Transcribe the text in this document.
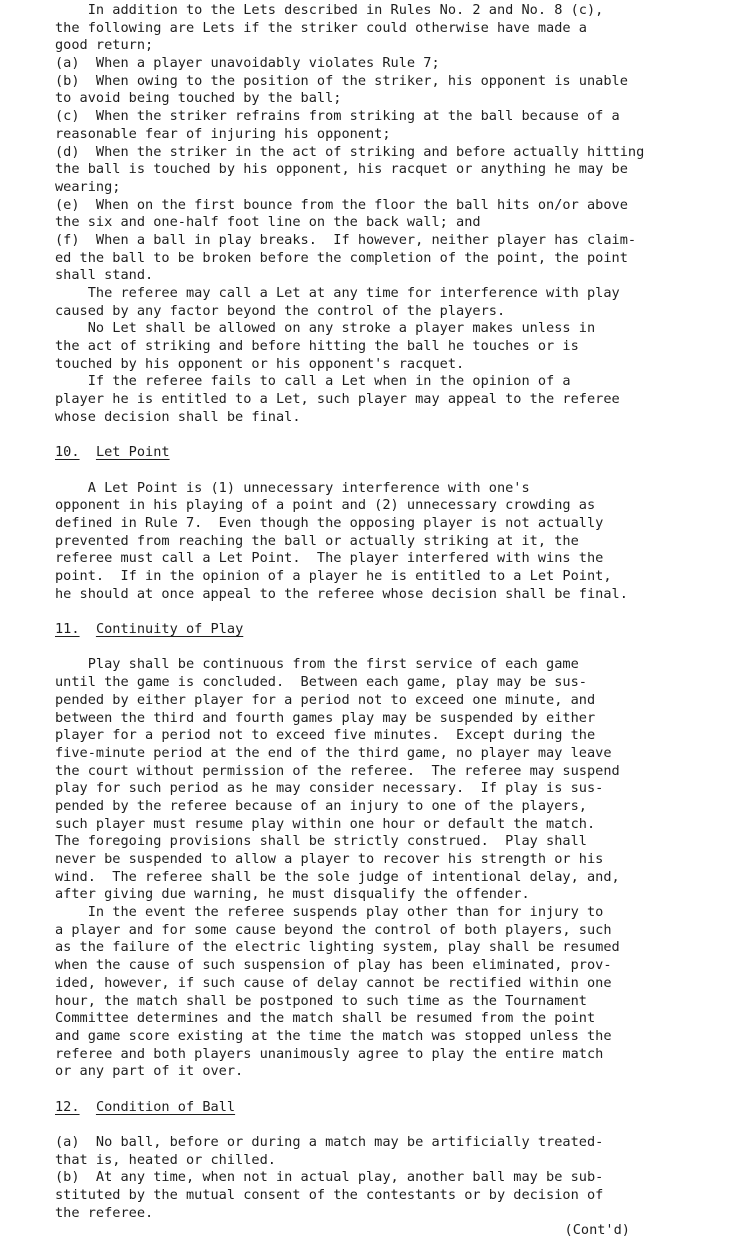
In addition to the Lets described in Rules No. 2 and No. 8 (c),
the following are Lets if the striker could otherwise have made a
good return;
(a)  When a player unavoidably violates Rule 7;
(b)  When owing to the position of the striker, his opponent is unable
to avoid being touched by the ball;
(c)  When the striker refrains from striking at the ball because of a
reasonable fear of injuring his opponent;
(d)  When the striker in the act of striking and before actually hitting
the ball is touched by his opponent, his racquet or anything he may be
wearing;
(e)  When on the first bounce from the floor the ball hits on/or above
the six and one-half foot line on the back wall; and
(f)  When a ball in play breaks.  If however, neither player has claim-
ed the ball to be broken before the completion of the point, the point
shall stand.
The referee may call a Let at any time for interference with play
caused by any factor beyond the control of the players.
No Let shall be allowed on any stroke a player makes unless in
the act of striking and before hitting the ball he touches or is
touched by his opponent or his opponent's racquet.
If the referee fails to call a Let when in the opinion of a
player he is entitled to a Let, such player may appeal to the referee
whose decision shall be final.
10. Let Point
A Let Point is (1) unnecessary interference with one's
opponent in his playing of a point and (2) unnecessary crowding as
defined in Rule 7.  Even though the opposing player is not actually
prevented from reaching the ball or actually striking at it, the
referee must call a Let Point.  The player interfered with wins the
point.  If in the opinion of a player he is entitled to a Let Point,
he should at once appeal to the referee whose decision shall be final.
11. Continuity of Play
Play shall be continuous from the first service of each game
until the game is concluded.  Between each game, play may be sus-
pended by either player for a period not to exceed one minute, and
between the third and fourth games play may be suspended by either
player for a period not to exceed five minutes.  Except during the
five-minute period at the end of the third game, no player may leave
the court without permission of the referee.  The referee may suspend
play for such period as he may consider necessary.  If play is sus-
pended by the referee because of an injury to one of the players,
such player must resume play within one hour or default the match.
The foregoing provisions shall be strictly construed.  Play shall
never be suspended to allow a player to recover his strength or his
wind.  The referee shall be the sole judge of intentional delay, and,
after giving due warning, he must disqualify the offender.
In the event the referee suspends play other than for injury to
a player and for some cause beyond the control of both players, such
as the failure of the electric lighting system, play shall be resumed
when the cause of such suspension of play has been eliminated, prov-
ided, however, if such cause of delay cannot be rectified within one
hour, the match shall be postponed to such time as the Tournament
Committee determines and the match shall be resumed from the point
and game score existing at the time the match was stopped unless the
referee and both players unanimously agree to play the entire match
or any part of it over.
12. Condition of Ball
(a)  No ball, before or during a match may be artificially treated-
that is, heated or chilled.
(b)  At any time, when not in actual play, another ball may be sub-
stituted by the mutual consent of the contestants or by decision of
the referee.
(Cont'd)
